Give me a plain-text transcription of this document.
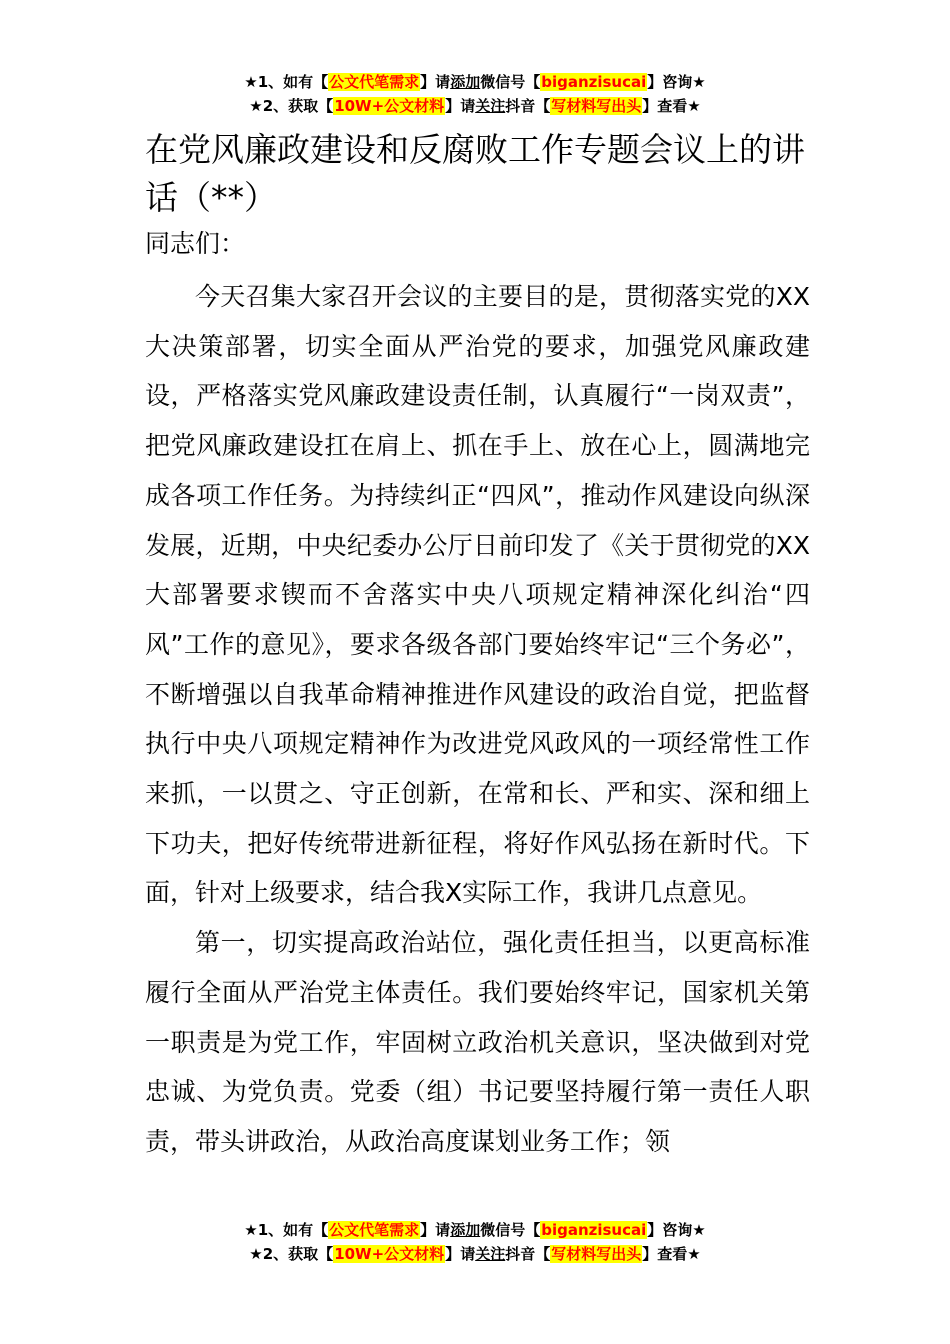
★1、如有【公文代笔需求】请添加微信号【biganzisucai】咨询★
★2、获取【10W+公文材料】请关注抖音【写材料写出头】查看★
在党风廉政建设和反腐败工作专题会议上的讲话（**）
同志们：

今天召集大家召开会议的主要目的是，贯彻落实党的XX大决策部署，切实全面从严治党的要求，加强党风廉政建设，严格落实党风廉政建设责任制，认真履行“一岗双责”，把党风廉政建设扛在肩上、抓在手上、放在心上，圆满地完成各项工作任务。为持续纠正“四风”，推动作风建设向纵深发展，近期，中央纪委办公厅日前印发了《关于贯彻党的XX大部署要求锲而不舍落实中央八项规定精神深化纠治“四风”工作的意见》，要求各级各部门要始终牢记“三个务必”，不断增强以自我革命精神推进作风建设的政治自觉，把监督执行中央八项规定精神作为改进党风政风的一项经常性工作来抓，一以贯之、守正创新，在常和长、严和实、深和细上下功夫，把好传统带进新征程，将好作风弘扬在新时代。下面，针对上级要求，结合我X实际工作，我讲几点意见。

第一，切实提高政治站位，强化责任担当，以更高标准履行全面从严治党主体责任。我们要始终牢记，国家机关第一职责是为党工作，牢固树立政治机关意识，坚决做到对党忠诚、为党负责。党委（组）书记要坚持履行第一责任人职责，带头讲政治，从政治高度谋划业务工作；领

★1、如有【公文代笔需求】请添加微信号【biganzisucai】咨询★
★2、获取【10W+公文材料】请关注抖音【写材料写出头】查看★
